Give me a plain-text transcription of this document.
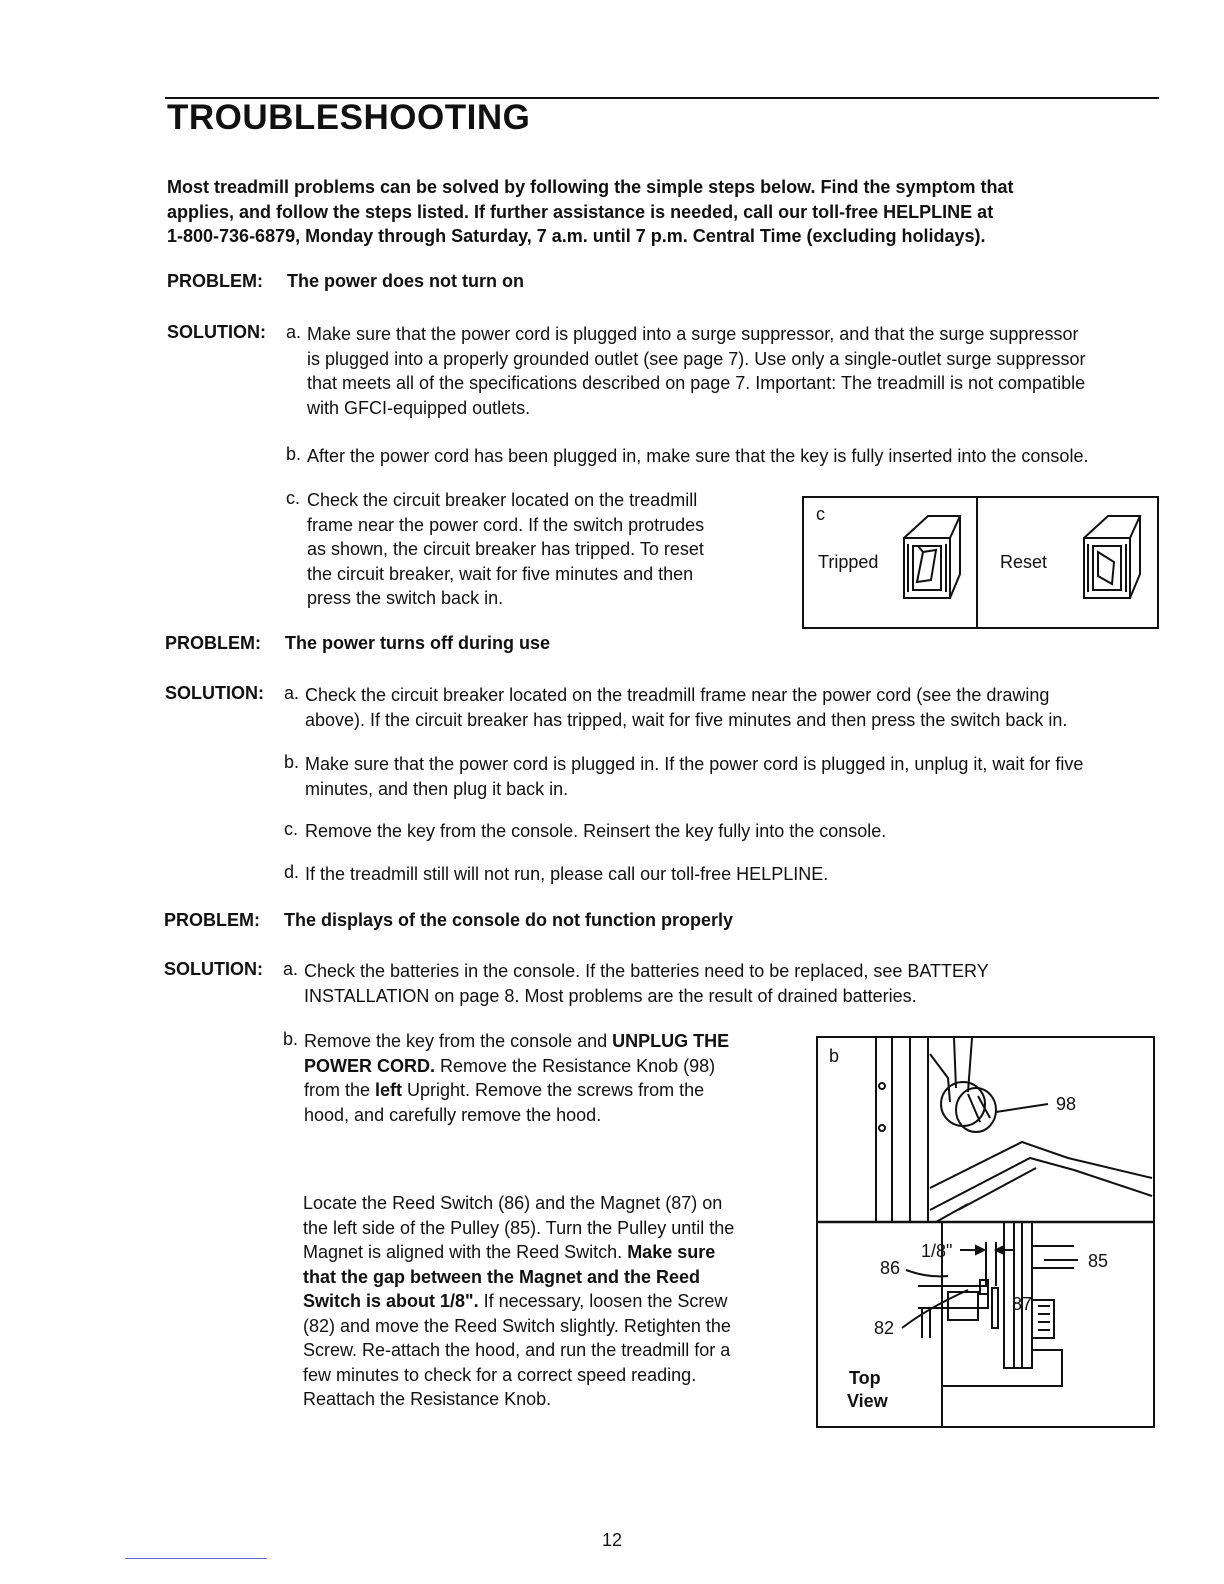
TROUBLESHOOTING
Most treadmill problems can be solved by following the simple steps below. Find the symptom that
applies, and follow the steps listed. If further assistance is needed, call our toll-free HELPLINE at
1-800-736-6879, Monday through Saturday, 7 a.m. until 7 p.m. Central Time (excluding holidays).
PROBLEM: The power does not turn on
SOLUTION: a. Make sure that the power cord is plugged into a surge suppressor, and that the surge suppressor
is plugged into a properly grounded outlet (see page 7). Use only a single-outlet surge suppressor
that meets all of the specifications described on page 7. Important: The treadmill is not compatible
with GFCI-equipped outlets.
b. After the power cord has been plugged in, make sure that the key is fully inserted into the console.
c. Check the circuit breaker located on the treadmill
frame near the power cord. If the switch protrudes
as shown, the circuit breaker has tripped. To reset
the circuit breaker, wait for five minutes and then
press the switch back in.
c
Tripped	Reset
PROBLEM: The power turns off during use
SOLUTION: a. Check the circuit breaker located on the treadmill frame near the power cord (see the drawing
above). If the circuit breaker has tripped, wait for five minutes and then press the switch back in.
b. Make sure that the power cord is plugged in. If the power cord is plugged in, unplug it, wait for five
minutes, and then plug it back in.
c. Remove the key from the console. Reinsert the key fully into the console.
d. If the treadmill still will not run, please call our toll-free HELPLINE.
PROBLEM: The displays of the console do not function properly
SOLUTION: a. Check the batteries in the console. If the batteries need to be replaced, see BATTERY
INSTALLATION on page 8. Most problems are the result of drained batteries.
b. Remove the key from the console and UNPLUG THE
POWER CORD. Remove the Resistance Knob (98)
from the left Upright. Remove the screws from the
hood, and carefully remove the hood.
Locate the Reed Switch (86) and the Magnet (87) on
the left side of the Pulley (85). Turn the Pulley until the
Magnet is aligned with the Reed Switch. Make sure
that the gap between the Magnet and the Reed
Switch is about 1/8". If necessary, loosen the Screw
(82) and move the Reed Switch slightly. Retighten the
Screw. Re-attach the hood, and run the treadmill for a
few minutes to check for a correct speed reading.
Reattach the Resistance Knob.
b
98
1/8"
86	85
87
82
Top
View
12
